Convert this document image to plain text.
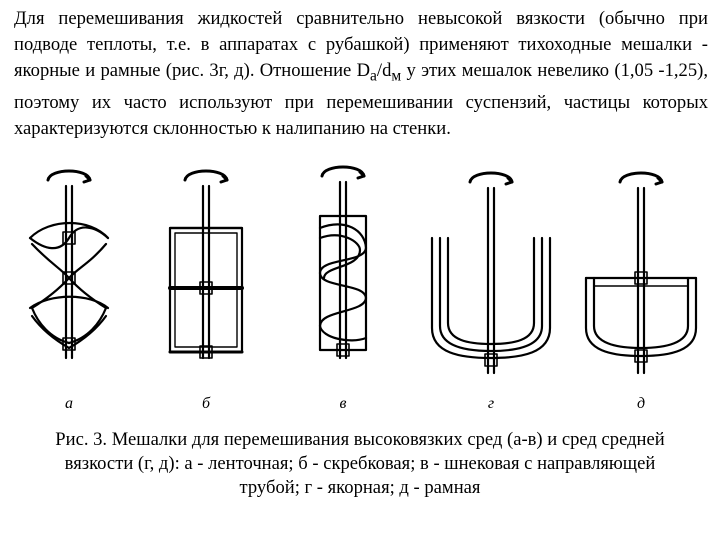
Для перемешивания жидкостей сравнительно невысокой вязкости (обычно при подводе теплоты, т.е. в аппаратах с рубашкой) применяют тихоходные мешалки - якорные и рамные (рис. 3г, д). Отношение $D_a/d_м$ у этих мешалок невелико (1,05 -1,25), поэтому их часто используют при перемешивании суспензий, частицы которых характеризуются склонностью к налипанию на стенки.

а	б	в	г	д
Рис. 3. Мешалки для перемешивания высоковязких сред (а-в) и сред средней
вязкости (г, д): а - ленточная; б - скребковая; в - шнековая с направляющей
трубой; г - якорная; д - рамная
